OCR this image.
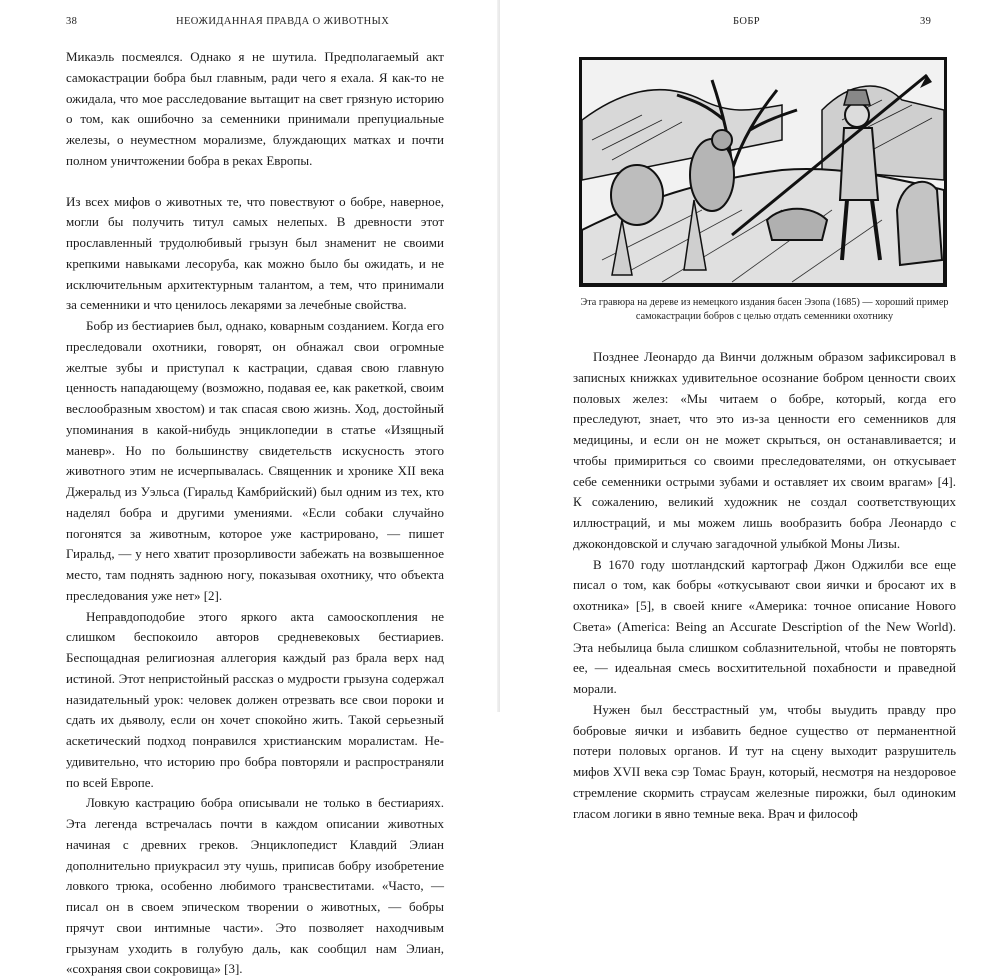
38	НЕОЖИДАННАЯ ПРАВДА О ЖИВОТНЫХ

Микаэль посмеялся. Однако я не шутила. Предполагаемый акт самокастрации бобра был главным, ради чего я ехала. Я как-то не ожидала, что мое расследование вытащит на свет грязную историю о том, как ошибочно за семенники принимали препуциальные железы, о неуместном морализме, блуждающих матках и почти полном уничтожении бобра в реках Европы.

Из всех мифов о животных те, что повествуют о бобре, наверное, могли бы получить титул самых нелепых. В древности этот прославленный трудолюбивый грызун был знаменит не своими крепкими навыками лесоруба, как можно было бы ожидать, и не исключительным архитектурным талантом, а тем, что принимали за семенники и что ценилось лекарями за лечебные свойства.

Бобр из бестиариев был, однако, коварным созданием. Когда его преследовали охотники, говорят, он обнажал свои огромные желтые зубы и приступал к кастрации, сдавая свою главную ценность нападающему (возможно, подавая ее, как ракеткой, своим веслообразным хвостом) и так спасая свою жизнь. Ход, достойный упоминания в какой-нибудь энциклопедии в статье «Изящный маневр». Но по большинству свидетельств искусность этого животного этим не исчерпывалась. Священник и хронике XII века Джеральд из Уэльса (Гиральд Камбрийский) был одним из тех, кто наделял бобра и другими умениями. «Если собаки случайно погонятся за животным, которое уже кастрировано, — пишет Гиральд, — у него хватит прозорливости забежать на возвышенное место, там поднять заднюю ногу, показывая охотнику, что объекта преследования уже нет» [2].

Неправдоподобие этого яркого акта самооскопления не слишком беспокоило авторов средневековых бестиариев. Беспощадная религиозная аллегория каждый раз брала верх над истиной. Этот непристойный рассказ о мудрости грызуна содержал назидательный урок: человек должен отрезвать все свои пороки и сдать их дьяволу, если он хочет спокойно жить. Такой серьезный аскетический подход понравился христианским моралистам. Неудивительно, что историю про бобра повторяли и распространяли по всей Европе.

Ловкую кастрацию бобра описывали не только в бестиариях. Эта легенда встречалась почти в каждом описании животных начиная с древних греков. Энциклопедист Клавдий Элиан дополнительно приукрасил эту чушь, приписав бобру изобретение ловкого трюка, особенно любимого трансвеститами. «Часто, — писал он в своем эпическом творении о животных, — бобры прячут свои интимные части». Это позволяет находчивым грызунам уходить в голубую даль, как сообщил нам Элиан, «сохраняя свои сокровища» [3].

БОБР	39
Эта гравюра на дереве из немецкого издания басен Эзопа (1685) — хороший пример самокастрации бобров с целью отдать семенники охотнику

Позднее Леонардо да Винчи должным образом зафиксировал в записных книжках удивительное осознание бобром ценности своих половых желез: «Мы читаем о бобре, который, когда его преследуют, знает, что это из-за ценности его семенников для медицины, и если он не может скрыться, он останавливается; и чтобы примириться со своими преследователями, он откусывает себе семенники острыми зубами и оставляет их своим врагам» [4]. К сожалению, великий художник не создал соответствующих иллюстраций, и мы можем лишь вообразить бобра Леонардо с джокондовской и случаю загадочной улыбкой Моны Лизы.

В 1670 году шотландский картограф Джон Оджилби все еще писал о том, как бобры «откусывают свои яички и бросают их в охотника» [5], в своей книге «Америка: точное описание Нового Света» (America: Being an Accurate Description of the New World). Эта небылица была слишком соблазнительной, чтобы не повторять ее, — идеальная смесь восхитительной похабности и праведной морали.

Нужен был бесстрастный ум, чтобы выудить правду про бобровые яички и избавить бедное существо от перманентной потери половых органов. И тут на сцену выходит разрушитель мифов XVII века сэр Томас Браун, который, несмотря на нездоровое стремление скормить страусам железные пирожки, был одиноким гласом логики в явно темные века. Врач и философ
